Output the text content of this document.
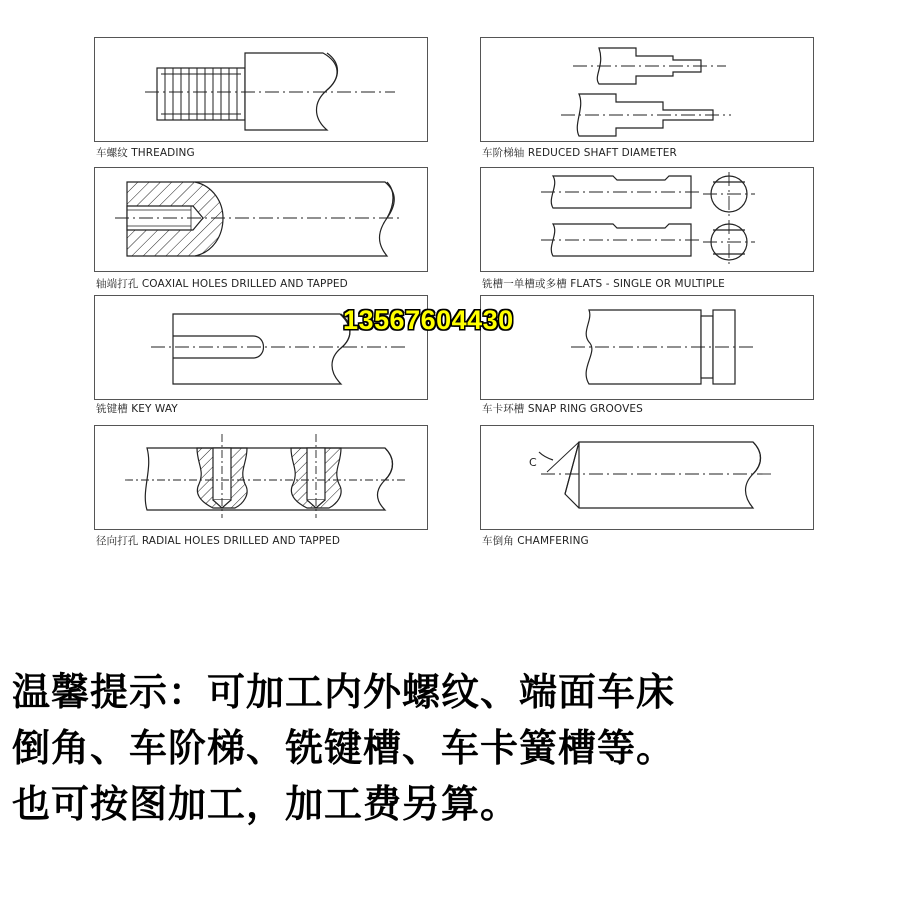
车螺纹 THREADING	车阶梯轴 REDUCED SHAFT DIAMETER
轴端打孔 COAXIAL HOLES DRILLED AND TAPPED	铣槽一单槽或多槽 FLATS - SINGLE OR MULTIPLE
铣键槽 KEY WAY	车卡环槽 SNAP RING GROOVES
径向打孔 RADIAL HOLES DRILLED AND TAPPED
C
车倒角 CHAMFERING
13567604430
温馨提示：可加工内外螺纹、端面车床
倒角、车阶梯、铣键槽、车卡簧槽等。
也可按图加工，加工费另算。
